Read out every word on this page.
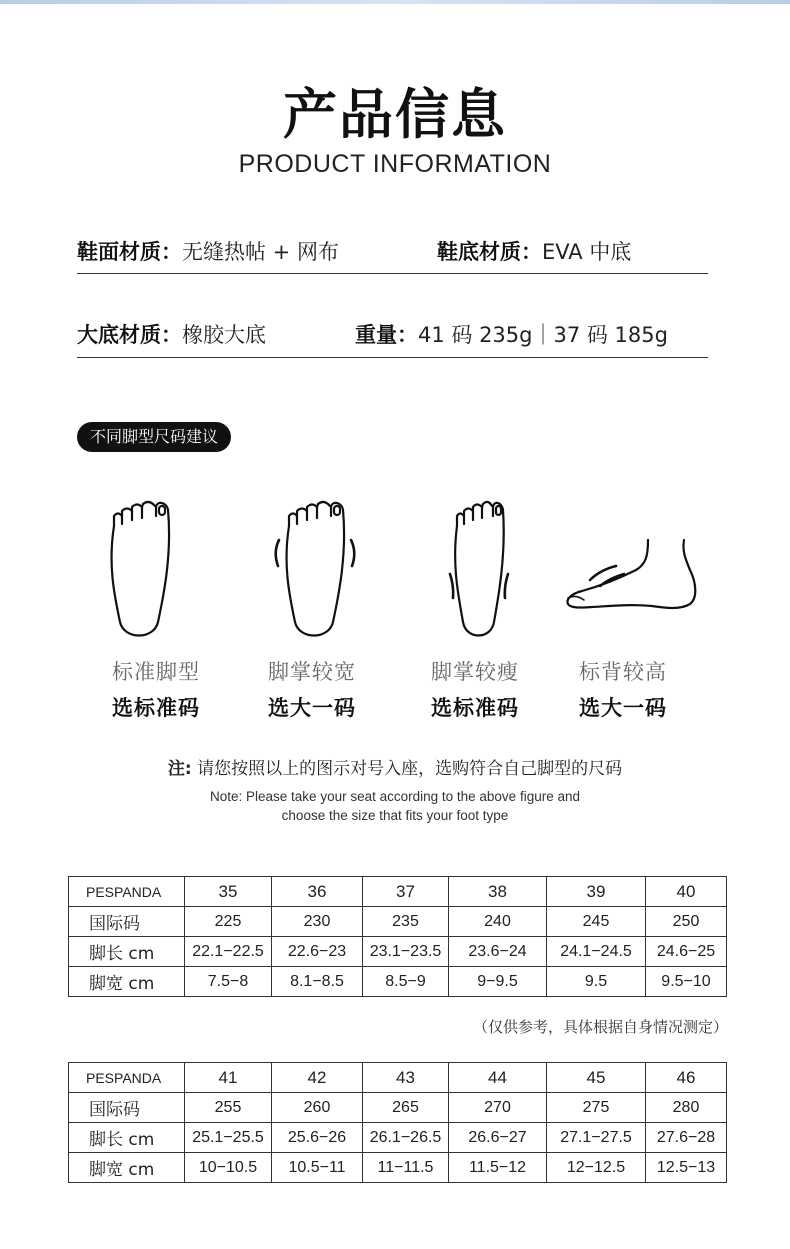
产品信息
PRODUCT INFORMATION
鞋面材质：无缝热帖 + 网布	鞋底材质：EVA 中底
大底材质：橡胶大底	重量：41 码 235g｜37 码 185g
不同脚型尺码建议
标准脚型
选标准码
脚掌较宽
选大一码
脚掌较瘦
选标准码
标背较高
选大一码
注: 请您按照以上的图示对号入座，选购符合自己脚型的尺码
Note: Please take your seat according to the above figure and
choose the size that fits your foot type
PESPANDA	35	36	37	38	39	40
国际码	225	230	235	240	245	250
脚长 cm	22.1−22.5	22.6−23	23.1−23.5	23.6−24	24.1−24.5	24.6−25
脚宽 cm	7.5−8	8.1−8.5	8.5−9	9−9.5	9.5	9.5−10
（仅供参考，具体根据自身情况测定）
PESPANDA	41	42	43	44	45	46
国际码	255	260	265	270	275	280
脚长 cm	25.1−25.5	25.6−26	26.1−26.5	26.6−27	27.1−27.5	27.6−28
脚宽 cm	10−10.5	10.5−11	11−11.5	11.5−12	12−12.5	12.5−13
